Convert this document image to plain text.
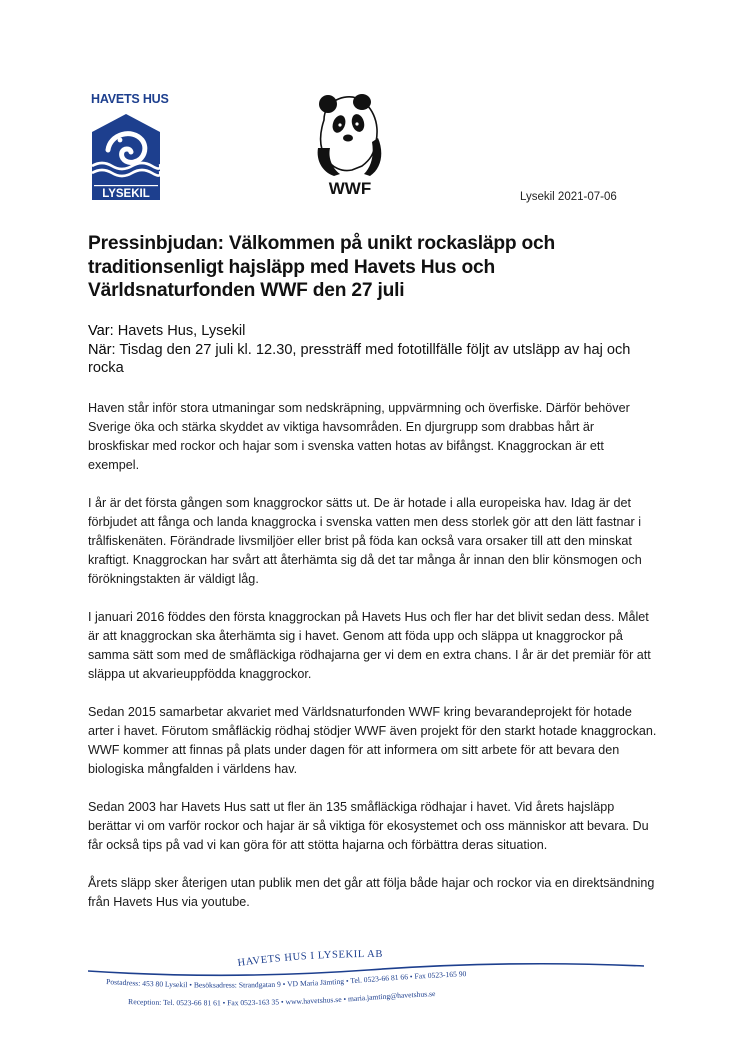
HAVETS HUS
LYSEKIL	WWF	Lysekil 2021-07-06
Pressinbjudan: Välkommen på unikt rockasläpp och traditionsenligt hajsläpp med Havets Hus och Världsnaturfonden WWF den 27 juli
Var: Havets Hus, Lysekil
När: Tisdag den 27 juli kl. 12.30, pressträff med fototillfälle följt av utsläpp av haj och rocka

Haven står inför stora utmaningar som nedskräpning, uppvärmning och överfiske. Därför behöver Sverige öka och stärka skyddet av viktiga havsområden. En djurgrupp som drabbas hårt är broskfiskar med rockor och hajar som i svenska vatten hotas av bifångst. Knaggrockan är ett exempel.

I år är det första gången som knaggrockor sätts ut. De är hotade i alla europeiska hav. Idag är det förbjudet att fånga och landa knaggrocka i svenska vatten men dess storlek gör att den lätt fastnar i trålfiskenäten. Förändrade livsmiljöer eller brist på föda kan också vara orsaker till att den minskat kraftigt. Knaggrockan har svårt att återhämta sig då det tar många år innan den blir könsmogen och förökningstakten är väldigt låg.

I januari 2016 föddes den första knaggrockan på Havets Hus och fler har det blivit sedan dess. Målet är att knaggrockan ska återhämta sig i havet. Genom att föda upp och släppa ut knaggrockor på samma sätt som med de småfläckiga rödhajarna ger vi dem en extra chans. I år är det premiär för att släppa ut akvarieuppfödda knaggrockor.

Sedan 2015 samarbetar akvariet med Världsnaturfonden WWF kring bevarandeprojekt för hotade arter i havet. Förutom småfläckig rödhaj stödjer WWF även projekt för den starkt hotade knaggrockan. WWF kommer att finnas på plats under dagen för att informera om sitt arbete för att bevara den biologiska mångfalden i världens hav.

Sedan 2003 har Havets Hus satt ut fler än 135 småfläckiga rödhajar i havet. Vid årets hajsläpp berättar vi om varför rockor och hajar är så viktiga för ekosystemet och oss människor att bevara. Du får också tips på vad vi kan göra för att stötta hajarna och förbättra deras situation.

Årets släpp sker återigen utan publik men det går att följa både hajar och rockor via en direktsändning från Havets Hus via youtube.

HAVETS HUS I LYSEKIL AB
Postadress: 453 80 Lysekil • Besöksadress: Strandgatan 9 • VD Maria Jämting • Tel. 0523-66 81 66 • Fax 0523-165 90
Reception: Tel. 0523-66 81 61 • Fax 0523-163 35 • www.havetshus.se • maria.jamting@havetshus.se
